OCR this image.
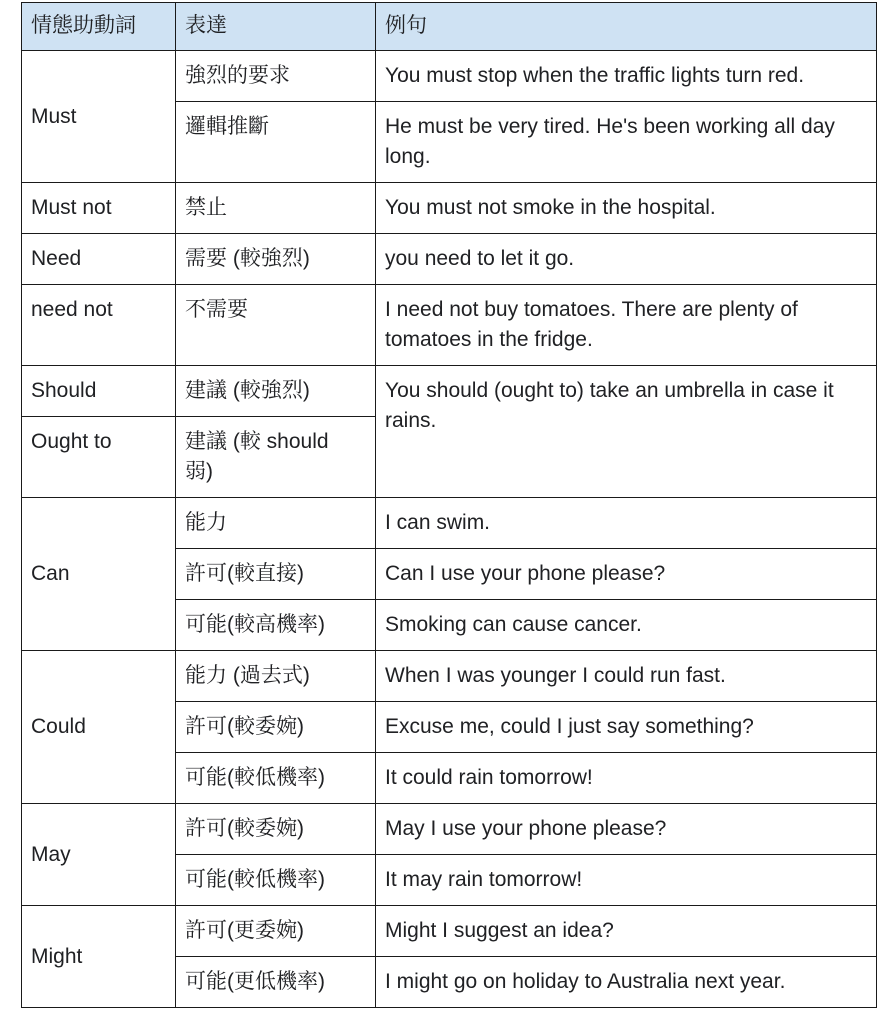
情態助動詞	表達	例句
Must	強烈的要求	You must stop when the traffic lights turn red.
	邏輯推斷	He must be very tired. He's been working all day long.
Must not	禁止	You must not smoke in the hospital.
Need	需要 (較強烈)	you need to let it go.
need not	不需要	I need not buy tomatoes. There are plenty of tomatoes in the fridge.
Should	建議 (較強烈)	You should (ought to) take an umbrella in case it rains.
Ought to	建議 (較 should 弱)	
Can	能力	I can swim.
	許可(較直接)	Can I use your phone please?
	可能(較高機率)	Smoking can cause cancer.
Could	能力 (過去式)	When I was younger I could run fast.
	許可(較委婉)	Excuse me, could I just say something?
	可能(較低機率)	It could rain tomorrow!
May	許可(較委婉)	May I use your phone please?
	可能(較低機率)	It may rain tomorrow!
Might	許可(更委婉)	Might I suggest an idea?
	可能(更低機率)	I might go on holiday to Australia next year.
